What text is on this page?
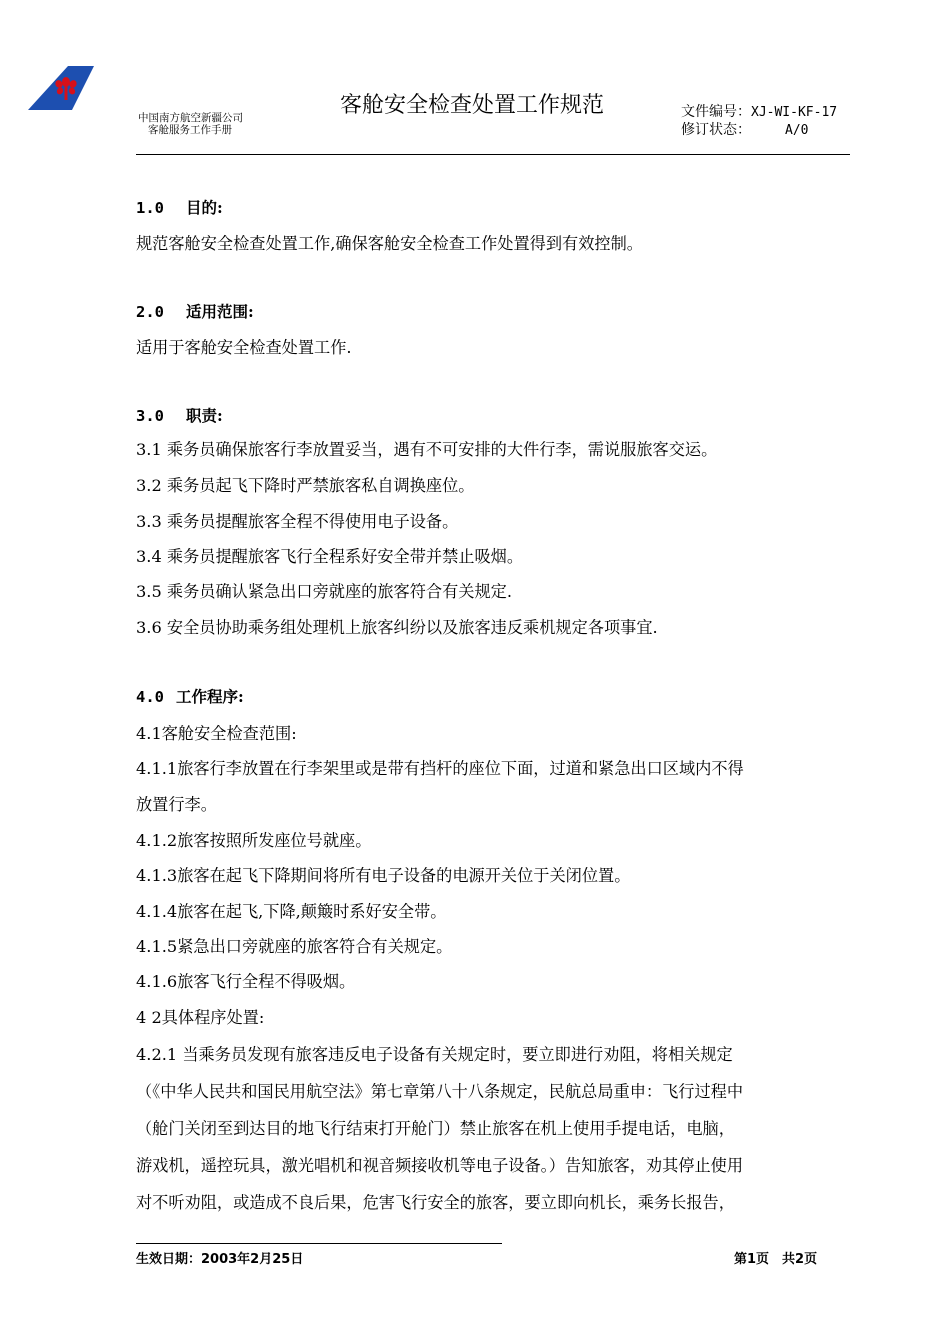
中国南方航空新疆公司
客舱服务工作手册
客舱安全检查处置工作规范	文件编号：XJ-WI-KF-17
修订状态：	A/0
1.0 目的:
规范客舱安全检查处置工作,确保客舱安全检查工作处置得到有效控制。
2.0 适用范围:
适用于客舱安全检查处置工作.
3.0 职责:
3.1 乘务员确保旅客行李放置妥当，遇有不可安排的大件行李，需说服旅客交运。
3.2 乘务员起飞下降时严禁旅客私自调换座位。
3.3 乘务员提醒旅客全程不得使用电子设备。
3.4 乘务员提醒旅客飞行全程系好安全带并禁止吸烟。
3.5 乘务员确认紧急出口旁就座的旅客符合有关规定.
3.6 安全员协助乘务组处理机上旅客纠纷以及旅客违反乘机规定各项事宜.
4.0 工作程序:
4.1客舱安全检查范围:
4.1.1旅客行李放置在行李架里或是带有挡杆的座位下面，过道和紧急出口区域内不得
放置行李。
4.1.2旅客按照所发座位号就座。
4.1.3旅客在起飞下降期间将所有电子设备的电源开关位于关闭位置。
4.1.4旅客在起飞,下降,颠簸时系好安全带。
4.1.5紧急出口旁就座的旅客符合有关规定。
4.1.6旅客飞行全程不得吸烟。
4 2具体程序处置:
4.2.1 当乘务员发现有旅客违反电子设备有关规定时，要立即进行劝阻，将相关规定
（《中华人民共和国民用航空法》第七章第八十八条规定，民航总局重申：飞行过程中
（舱门关闭至到达目的地飞行结束打开舱门）禁止旅客在机上使用手提电话，电脑，
游戏机，遥控玩具，激光唱机和视音频接收机等电子设备。）告知旅客，劝其停止使用
对不听劝阻，或造成不良后果，危害飞行安全的旅客，要立即向机长，乘务长报告，
生效日期：2003年2月25日	第1页　共2页
